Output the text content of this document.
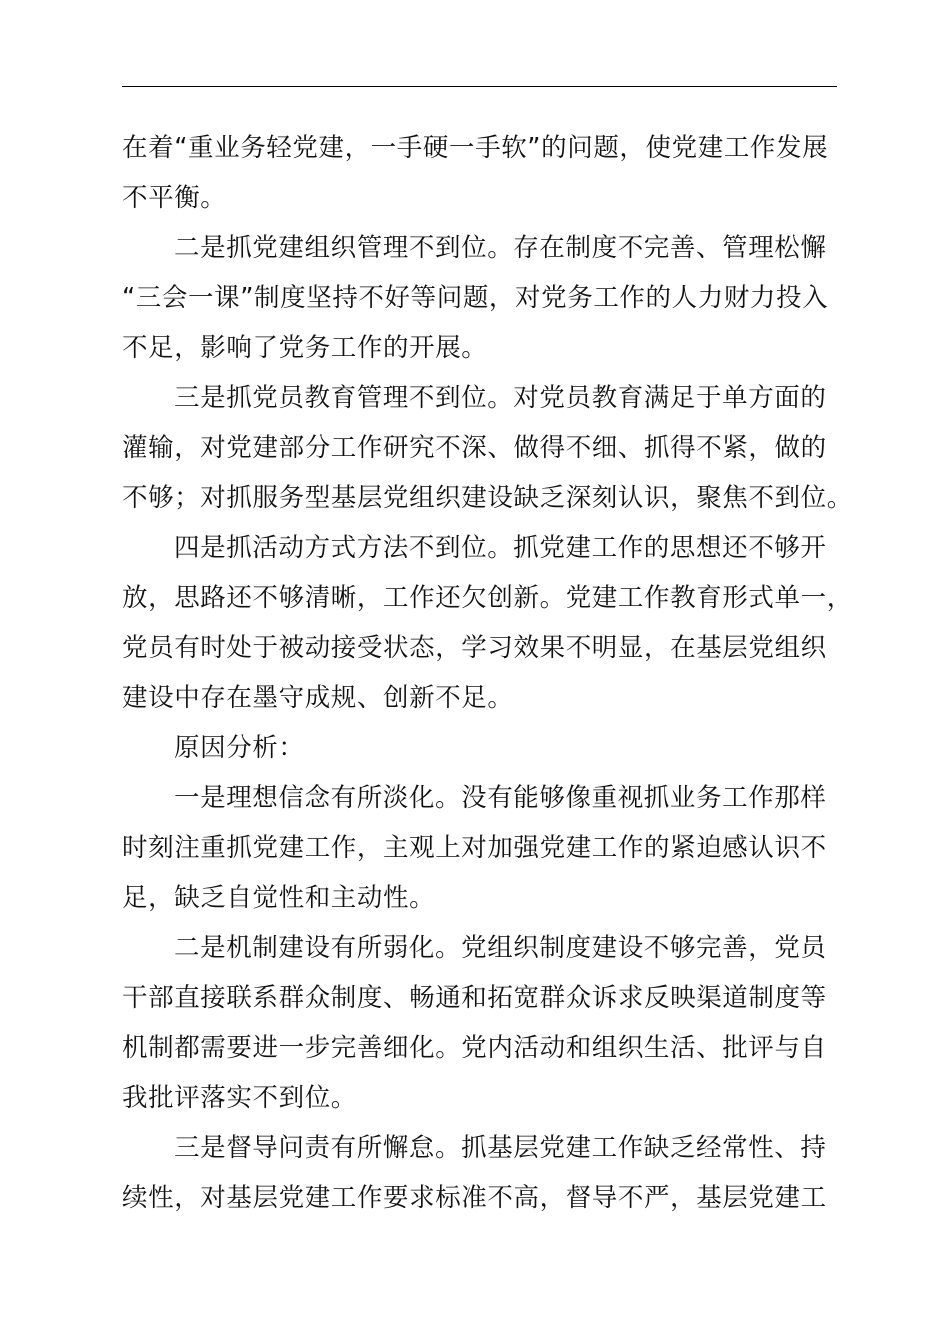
在着“重业务轻党建，一手硬一手软”的问题，使党建工作发展
不平衡。
二是抓党建组织管理不到位。存在制度不完善、管理松懈
“三会一课”制度坚持不好等问题，对党务工作的人力财力投入
不足，影响了党务工作的开展。
三是抓党员教育管理不到位。对党员教育满足于单方面的
灌输，对党建部分工作研究不深、做得不细、抓得不紧，做的
不够；对抓服务型基层党组织建设缺乏深刻认识，聚焦不到位。
四是抓活动方式方法不到位。抓党建工作的思想还不够开
放，思路还不够清晰，工作还欠创新。党建工作教育形式单一，
党员有时处于被动接受状态，学习效果不明显，在基层党组织
建设中存在墨守成规、创新不足。
原因分析：
一是理想信念有所淡化。没有能够像重视抓业务工作那样
时刻注重抓党建工作，主观上对加强党建工作的紧迫感认识不
足，缺乏自觉性和主动性。
二是机制建设有所弱化。党组织制度建设不够完善，党员
干部直接联系群众制度、畅通和拓宽群众诉求反映渠道制度等
机制都需要进一步完善细化。党内活动和组织生活、批评与自
我批评落实不到位。
三是督导问责有所懈怠。抓基层党建工作缺乏经常性、持
续性，对基层党建工作要求标准不高，督导不严，基层党建工
